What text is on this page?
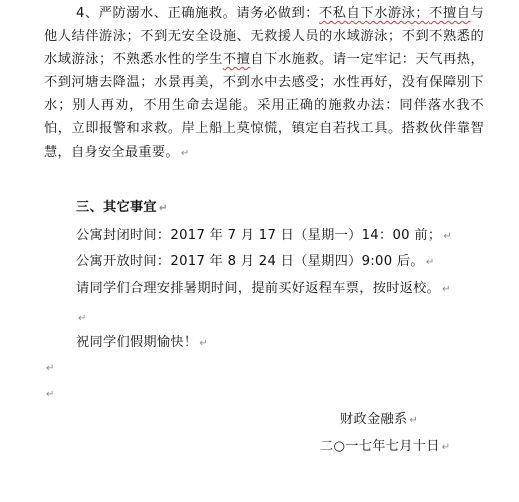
4、严防溺水、正确施救。请务必做到：不私自下水游泳；不擅自与他人结伴游泳；不到无安全设施、无救援人员的水域游泳；不到不熟悉的水域游泳；不熟悉水性的学生不擅自下水施救。请一定牢记：天气再热，不到河塘去降温；水景再美，不到水中去感受；水性再好，没有保障别下水；别人再劝，不用生命去逞能。采用正确的施救办法：同伴落水我不怕，立即报警和求救。岸上船上莫惊慌，镇定自若找工具。搭救伙伴靠智慧，自身安全最重要。 ↵
三、其它事宜 ↵
公寓封闭时间：2017 年 7 月 17 日（星期一）14：00 前； ↵
公寓开放时间：2017 年 8 月 24 日（星期四）9:00 后。 ↵
请同学们合理安排暑期时间，提前买好返程车票，按时返校。 ↵
↵
祝同学们假期愉快！ ↵
↵
↵
财政金融系 ↵
二○一七年七月十日 ↵
